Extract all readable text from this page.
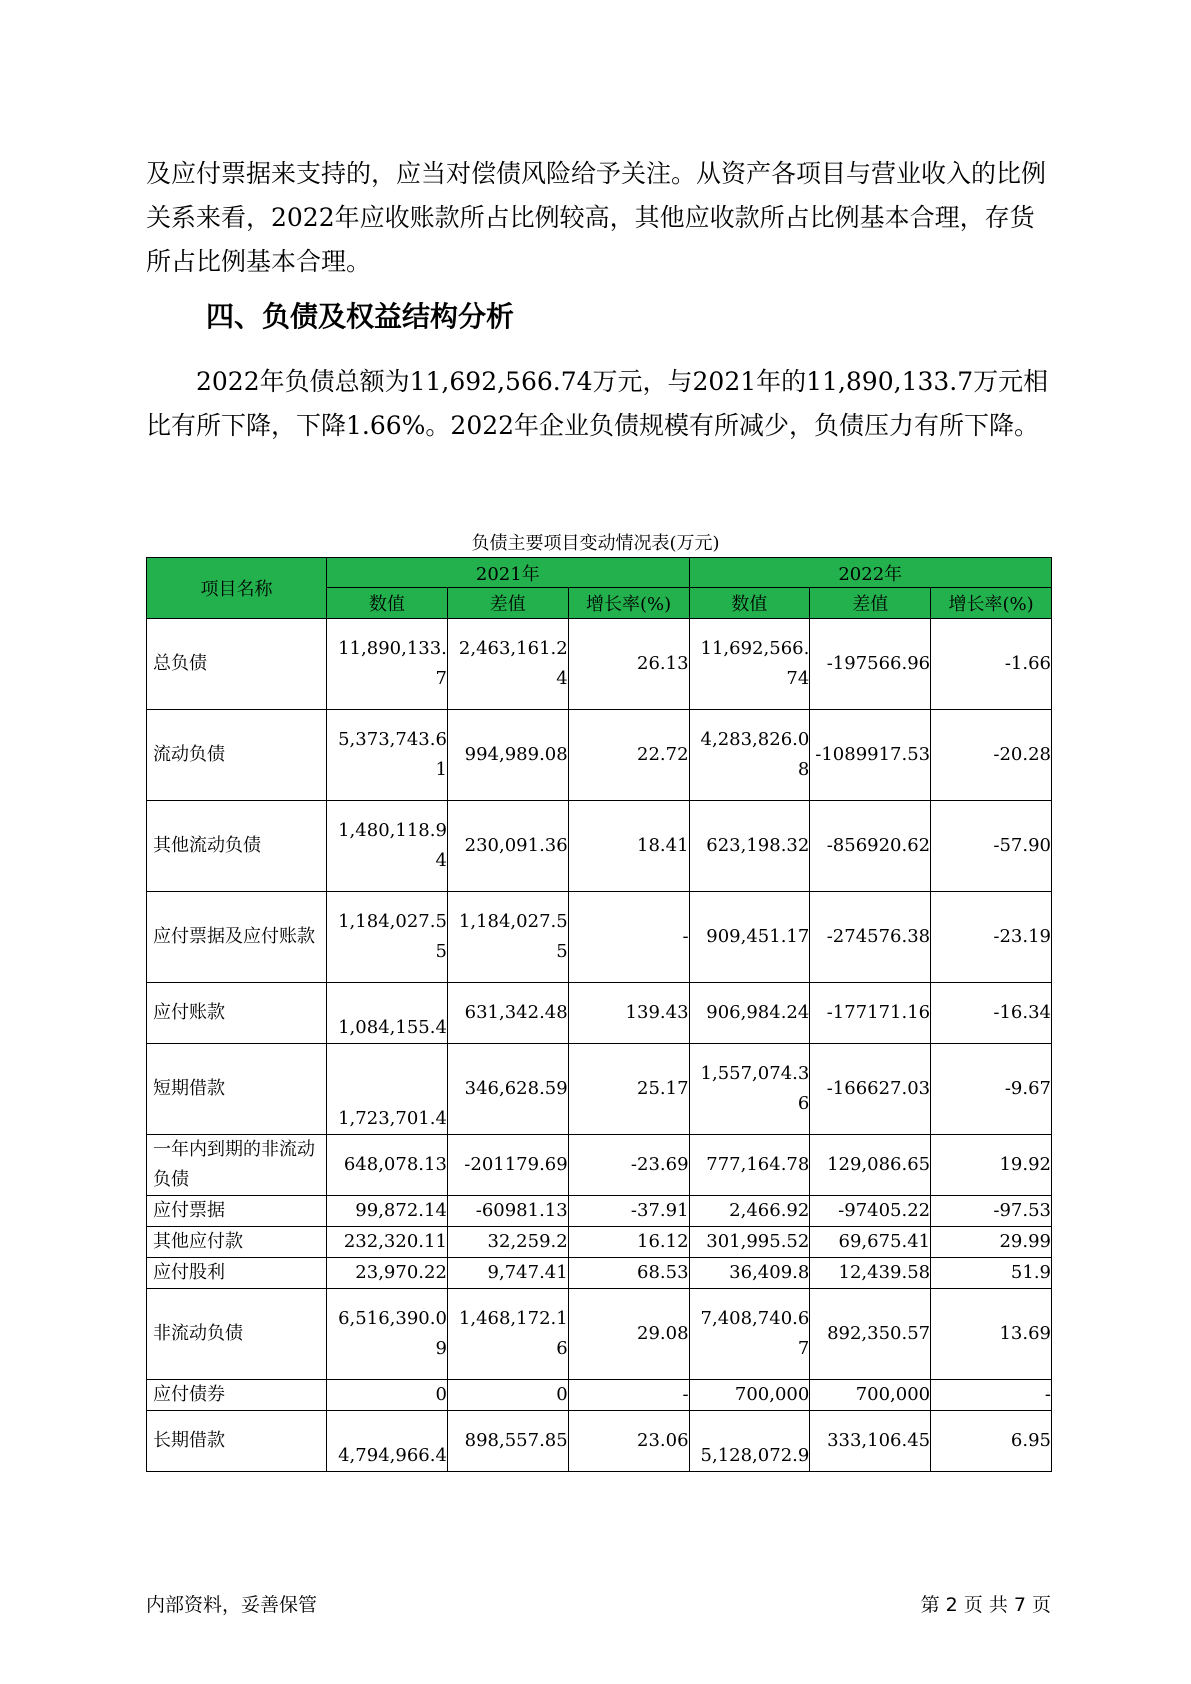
及应付票据来支持的，应当对偿债风险给予关注。从资产各项目与营业收入的比例关系来看，2022年应收账款所占比例较高，其他应收款所占比例基本合理，存货所占比例基本合理。

四、负债及权益结构分析

2022年负债总额为11,692,566.74万元，与2021年的11,890,133.7万元相比有所下降，下降1.66%。2022年企业负债规模有所减少，负债压力有所下降。

负债主要项目变动情况表(万元)
项目名称	2021年			2022年		
	数值	差值	增长率(%)	数值	差值	增长率(%)
总负债	11,890,133.7	2,463,161.24	26.13	11,692,566.74	-197566.96	-1.66
流动负债	5,373,743.61	994,989.08	22.72	4,283,826.08	-1089917.53	-20.28
其他流动负债	1,480,118.94	230,091.36	18.41	623,198.32	-856920.62	-57.90
应付票据及应付账款	1,184,027.55	1,184,027.55	-	909,451.17	-274576.38	-23.19
应付账款	1,084,155.4	631,342.48	139.43	906,984.24	-177171.16	-16.34
短期借款	1,723,701.4	346,628.59	25.17	1,557,074.36	-166627.03	-9.67
一年内到期的非流动负债	648,078.13	-201179.69	-23.69	777,164.78	129,086.65	19.92
应付票据	99,872.14	-60981.13	-37.91	2,466.92	-97405.22	-97.53
其他应付款	232,320.11	32,259.2	16.12	301,995.52	69,675.41	29.99
应付股利	23,970.22	9,747.41	68.53	36,409.8	12,439.58	51.9
非流动负债	6,516,390.09	1,468,172.16	29.08	7,408,740.67	892,350.57	13.69
应付债券	0	0	-	700,000	700,000	-
长期借款	4,794,966.4	898,557.85	23.06	5,128,072.9	333,106.45	6.95
内部资料，妥善保管	第 2 页 共 7 页
